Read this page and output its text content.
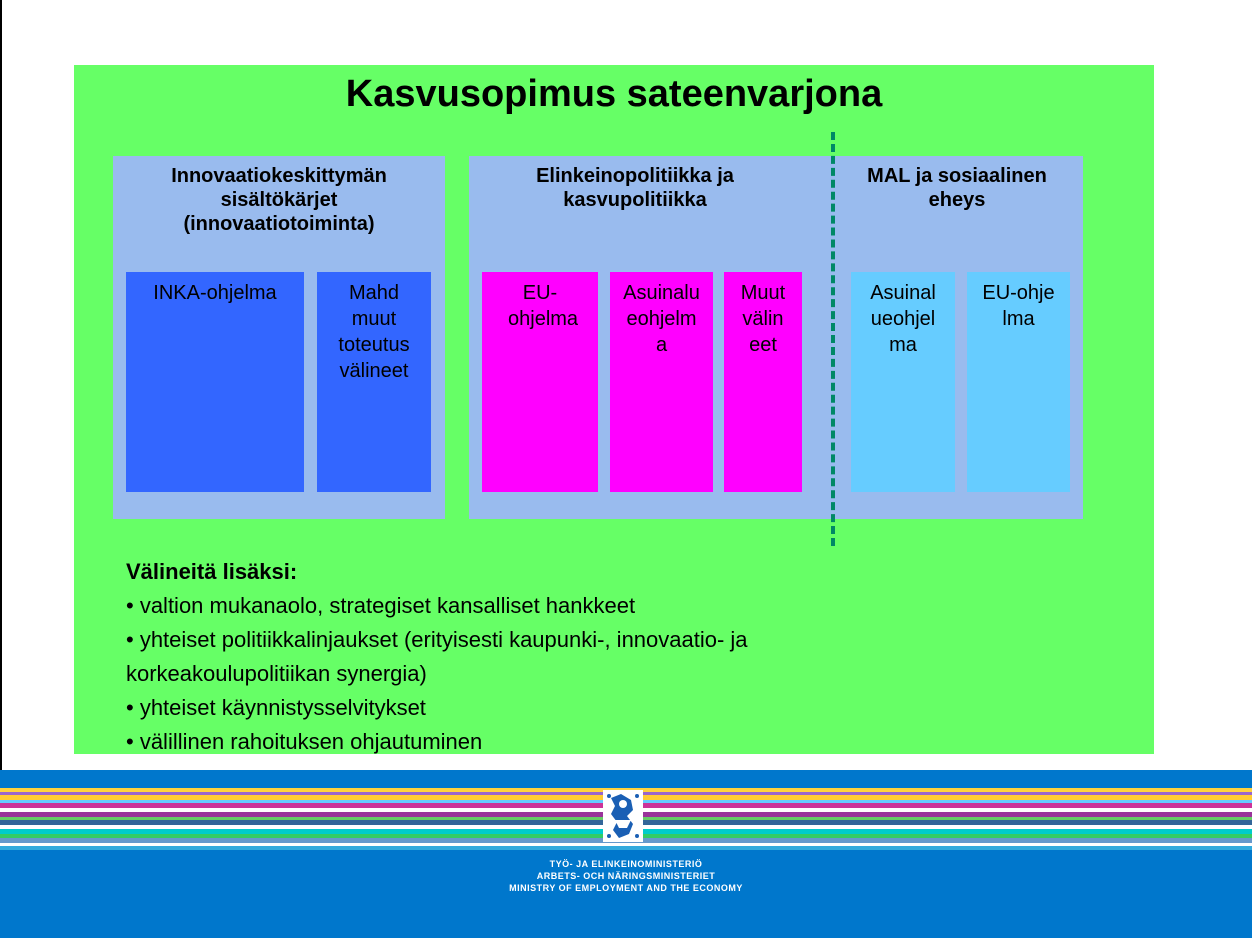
Kasvusopimus sateenvarjona
Innovaatiokeskittymän sisältökärjet (innovaatiotoiminta)
INKA-ohjelma	Mahd muut toteutus välineet
Elinkeinopolitiikka ja kasvupolitiikka
EU-ohjelma
Asuinalueohjelma
Muut välineet
MAL ja sosiaalinen eheys
Asuinalueohjelma
EU-ohjelma
Välineitä lisäksi:
• valtion mukanaolo, strategiset kansalliset hankkeet
• yhteiset politiikkalinjaukset (erityisesti kaupunki-, innovaatio- ja
korkeakoulupolitiikan synergia)
• yhteiset käynnistysselvitykset
• välillinen rahoituksen ohjautuminen
TYÖ- JA ELINKEINOMINISTERIÖ
ARBETS- OCH NÄRINGSMINISTERIET
MINISTRY OF EMPLOYMENT AND THE ECONOMY
